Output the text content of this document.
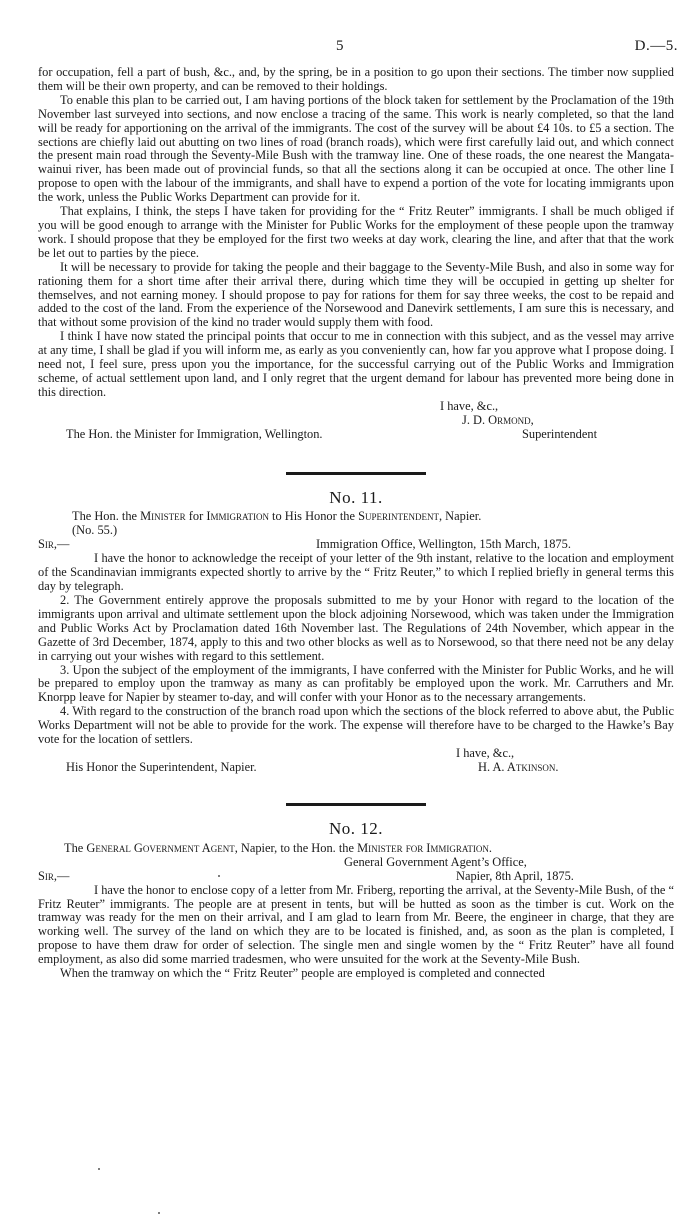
5	D.—5.

for occupation, fell a part of bush, &c., and, by the spring, be in a position to go upon their sections. The timber now supplied them will be their own property, and can be removed to their holdings.

To enable this plan to be carried out, I am having portions of the block taken for settlement by the Proclamation of the 19th November last surveyed into sections, and now enclose a tracing of the same. This work is nearly completed, so that the land will be ready for apportioning on the arrival of the immigrants. The cost of the survey will be about £4 10s. to £5 a section. The sections are chiefly laid out abutting on two lines of road (branch roads), which were first carefully laid out, and which connect the present main road through the Seventy-Mile Bush with the tramway line. One of these roads, the one nearest the Mangata-wainui river, has been made out of provincial funds, so that all the sections along it can be occupied at once. The other line I propose to open with the labour of the immigrants, and shall have to expend a portion of the vote for locating immigrants upon the work, unless the Public Works Department can provide for it.

That explains, I think, the steps I have taken for providing for the “ Fritz Reuter” immigrants. I shall be much obliged if you will be good enough to arrange with the Minister for Public Works for the employment of these people upon the tramway work. I should propose that they be employed for the first two weeks at day work, clearing the line, and after that that the work be let out to parties by the piece.

It will be necessary to provide for taking the people and their baggage to the Seventy-Mile Bush, and also in some way for rationing them for a short time after their arrival there, during which time they will be occupied in getting up shelter for themselves, and not earning money. I should propose to pay for rations for them for say three weeks, the cost to be repaid and added to the cost of the land. From the experience of the Norsewood and Danevirk settlements, I am sure this is necessary, and that without some provision of the kind no trader would supply them with food.

I think I have now stated the principal points that occur to me in connection with this subject, and as the vessel may arrive at any time, I shall be glad if you will inform me, as early as you conveniently can, how far you approve what I propose doing. I need not, I feel sure, press upon you the importance, for the successful carrying out of the Public Works and Immigration scheme, of actual settlement upon land, and I only regret that the urgent demand for labour has prevented more being done in this direction.

I have, &c.,
J. D. Ormond,
The Hon. the Minister for Immigration, Wellington.	Superintendent
No. 11.
The Hon. the Minister for Immigration to His Honor the Superintendent, Napier.
(No. 55.)
Sir,—	Immigration Office, Wellington, 15th March, 1875.

I have the honor to acknowledge the receipt of your letter of the 9th instant, relative to the location and employment of the Scandinavian immigrants expected shortly to arrive by the “ Fritz Reuter,” to which I replied briefly in general terms this day by telegraph.

2. The Government entirely approve the proposals submitted to me by your Honor with regard to the location of the immigrants upon arrival and ultimate settlement upon the block adjoining Norsewood, which was taken under the Immigration and Public Works Act by Proclamation dated 16th November last. The Regulations of 24th November, which appear in the Gazette of 3rd December, 1874, apply to this and two other blocks as well as to Norsewood, so that there need not be any delay in carrying out your wishes with regard to this settlement.

3. Upon the subject of the employment of the immigrants, I have conferred with the Minister for Public Works, and he will be prepared to employ upon the tramway as many as can profitably be employed upon the work. Mr. Carruthers and Mr. Knorpp leave for Napier by steamer to-day, and will confer with your Honor as to the necessary arrangements.

4. With regard to the construction of the branch road upon which the sections of the block referred to above abut, the Public Works Department will not be able to provide for the work. The expense will therefore have to be charged to the Hawke’s Bay vote for the location of settlers.

I have, &c.,
His Honor the Superintendent, Napier.	H. A. Atkinson.
No. 12.
The General Government Agent, Napier, to the Hon. the Minister for Immigration.
General Government Agent’s Office,
Sir,—	Napier, 8th April, 1875.

I have the honor to enclose copy of a letter from Mr. Friberg, reporting the arrival, at the Seventy-Mile Bush, of the “ Fritz Reuter” immigrants. The people are at present in tents, but will be hutted as soon as the timber is cut. Work on the tramway was ready for the men on their arrival, and I am glad to learn from Mr. Beere, the engineer in charge, that they are working well. The survey of the land on which they are to be located is finished, and, as soon as the plan is completed, I propose to have them draw for order of selection. The single men and single women by the “ Fritz Reuter” have all found employment, as also did some married tradesmen, who were unsuited for the work at the Seventy-Mile Bush.

When the tramway on which the “ Fritz Reuter” people are employed is completed and connected
